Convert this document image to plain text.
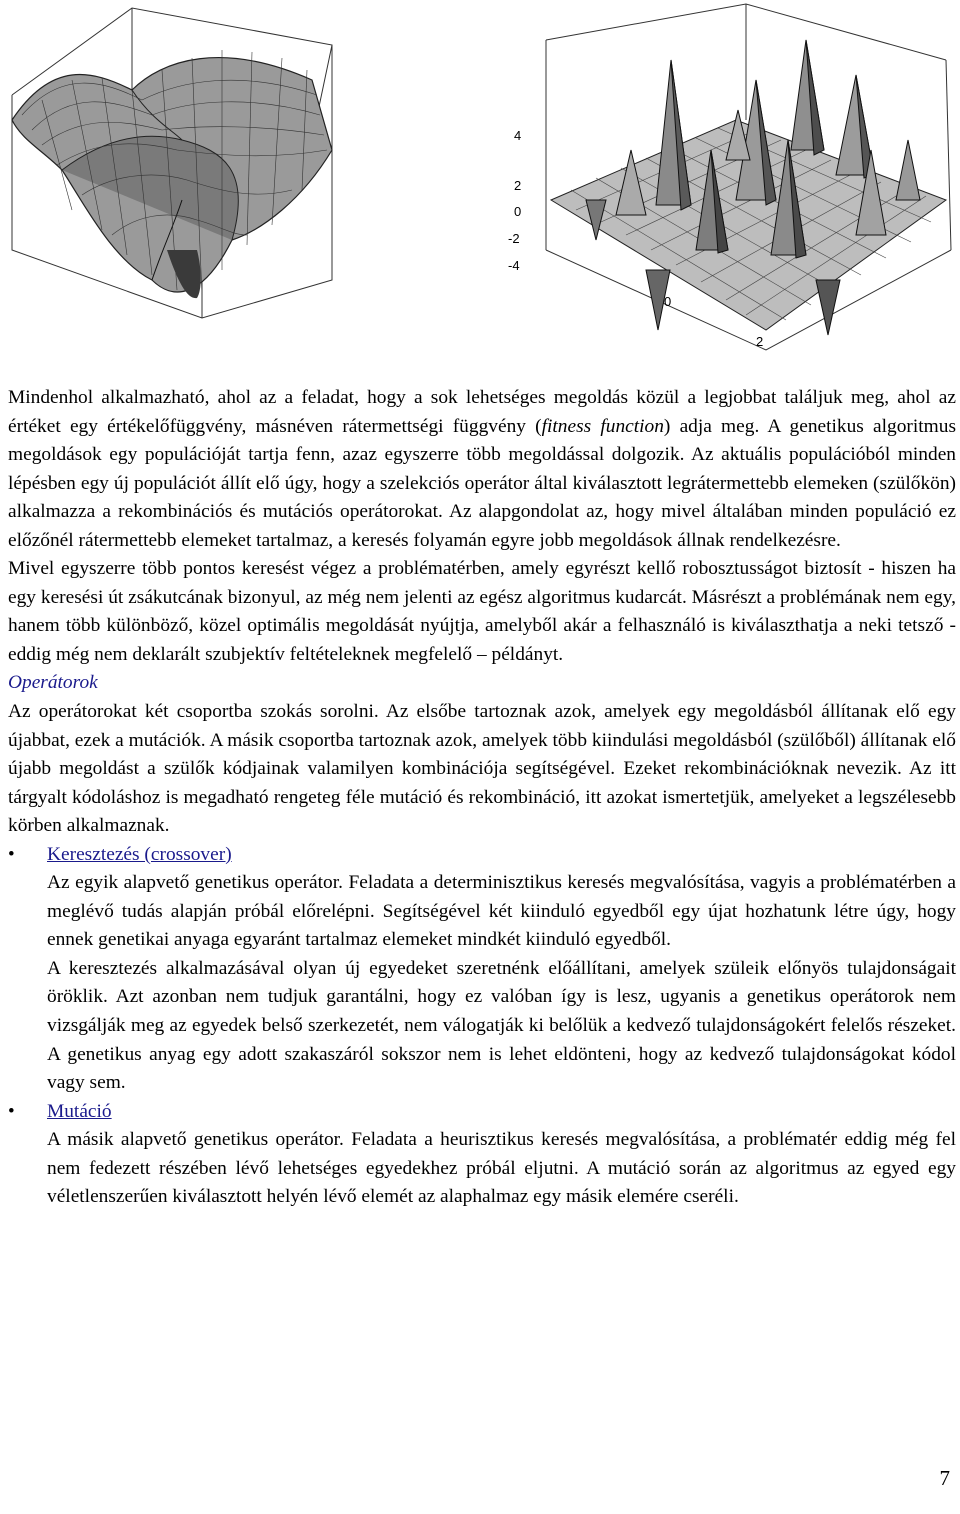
4
2
0
-2
-4
0
2

Mindenhol alkalmazható, ahol az a feladat, hogy a sok lehetséges megoldás közül a legjobbat találjuk meg, ahol az értéket egy értékelőfüggvény, másnéven rátermettségi függvény (fitness function) adja meg. A genetikus algoritmus megoldások egy populációját tartja fenn, azaz egyszerre több megoldással dolgozik. Az aktuális populációból minden lépésben egy új populációt állít elő úgy, hogy a szelekciós operátor által kiválasztott legrátermettebb elemeken (szülőkön) alkalmazza a rekombinációs és mutációs operátorokat. Az alapgondolat az, hogy mivel általában minden populáció ez előzőnél rátermettebb elemeket tartalmaz, a keresés folyamán egyre jobb megoldások állnak rendelkezésre.

Mivel egyszerre több pontos keresést végez a problématérben, amely egyrészt kellő robosztusságot biztosít - hiszen ha egy keresési út zsákutcának bizonyul, az még nem jelenti az egész algoritmus kudarcát. Másrészt a problémának nem egy, hanem több különböző, közel optimális megoldását nyújtja, amelyből akár a felhasználó is kiválaszthatja a neki tetsző - eddig még nem deklarált szubjektív feltételeknek megfelelő – példányt.

Operátorok

Az operátorokat két csoportba szokás sorolni. Az elsőbe tartoznak azok, amelyek egy megoldásból állítanak elő egy újabbat, ezek a mutációk. A másik csoportba tartoznak azok, amelyek több kiindulási megoldásból (szülőből) állítanak elő újabb megoldást a szülők kódjainak valamilyen kombinációja segítségével. Ezeket rekombinációknak nevezik. Az itt tárgyalt kódoláshoz is megadható rengeteg féle mutáció és rekombináció, itt azokat ismertetjük, amelyeket a legszélesebb körben alkalmaznak.

•	Keresztezés (crossover)

Az egyik alapvető genetikus operátor. Feladata a determinisztikus keresés megvalósítása, vagyis a problématérben a meglévő tudás alapján próbál előrelépni. Segítségével két kiinduló egyedből egy újat hozhatunk létre úgy, hogy ennek genetikai anyaga egyaránt tartalmaz elemeket mindkét kiinduló egyedből.

A keresztezés alkalmazásával olyan új egyedeket szeretnénk előállítani, amelyek szüleik előnyös tulajdonságait öröklik. Azt azonban nem tudjuk garantálni, hogy ez valóban így is lesz, ugyanis a genetikus operátorok nem vizsgálják meg az egyedek belső szerkezetét, nem válogatják ki belőlük a kedvező tulajdonságokért felelős részeket. A genetikus anyag egy adott szakaszáról sokszor nem is lehet eldönteni, hogy az kedvező tulajdonságokat kódol vagy sem.

•	Mutáció

A másik alapvető genetikus operátor. Feladata a heurisztikus keresés megvalósítása, a problématér eddig még fel nem fedezett részében lévő lehetséges egyedekhez próbál eljutni. A mutáció során az algoritmus az egyed egy véletlenszerűen kiválasztott helyén lévő elemét az alaphalmaz egy másik elemére cseréli.

7
